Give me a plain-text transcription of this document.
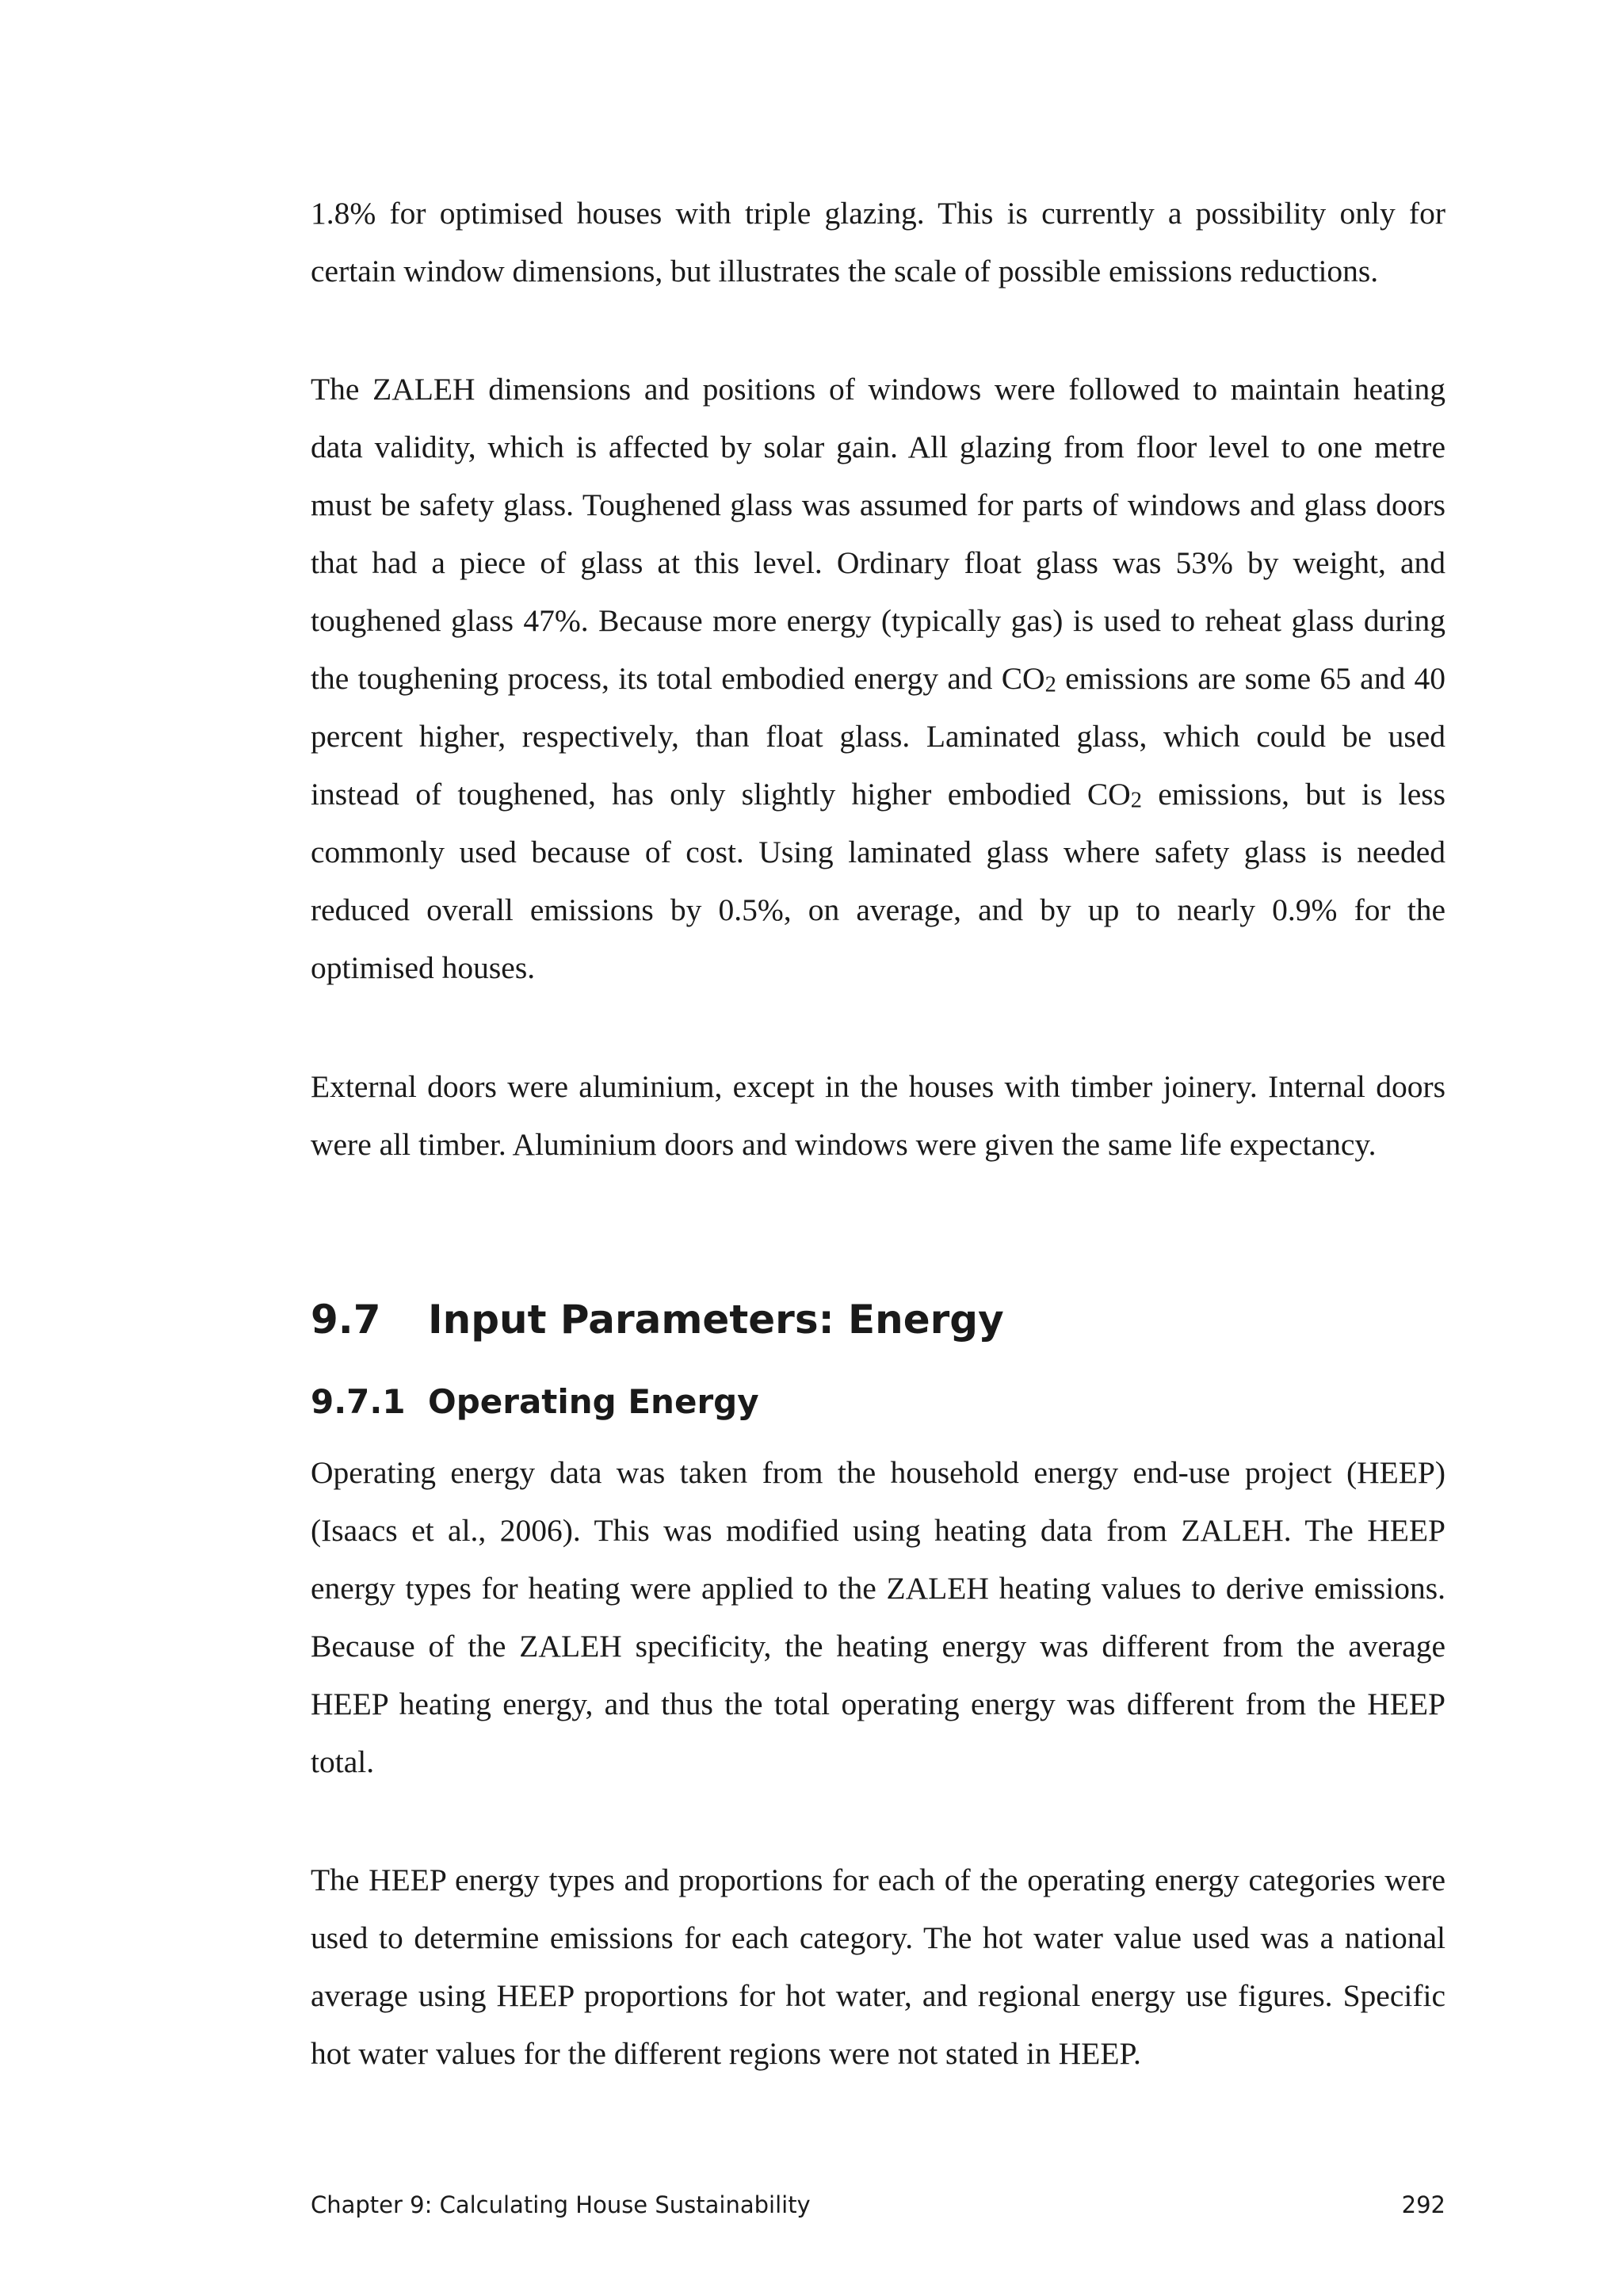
1.8% for optimised houses with triple glazing. This is currently a possibility only for certain window dimensions, but illustrates the scale of possible emissions reductions.

The ZALEH dimensions and positions of windows were followed to maintain heating data validity, which is affected by solar gain. All glazing from floor level to one metre must be safety glass. Toughened glass was assumed for parts of windows and glass doors that had a piece of glass at this level. Ordinary float glass was 53% by weight, and toughened glass 47%. Because more energy (typically gas) is used to reheat glass during the toughening process, its total embodied energy and $CO_2$ emissions are some 65 and 40 percent higher, respectively, than float glass. Laminated glass, which could be used instead of toughened, has only slightly higher embodied $CO_2$ emissions, but is less commonly used because of cost. Using laminated glass where safety glass is needed reduced overall emissions by 0.5%, on average, and by up to nearly 0.9% for the optimised houses.

External doors were aluminium, except in the houses with timber joinery. Internal doors were all timber. Aluminium doors and windows were given the same life expectancy.

9.7 Input Parameters: Energy
9.7.1 Operating Energy

Operating energy data was taken from the household energy end-use project (HEEP) (Isaacs et al., 2006). This was modified using heating data from ZALEH. The HEEP energy types for heating were applied to the ZALEH heating values to derive emissions. Because of the ZALEH specificity, the heating energy was different from the average HEEP heating energy, and thus the total operating energy was different from the HEEP total.

The HEEP energy types and proportions for each of the operating energy categories were used to determine emissions for each category. The hot water value used was a national average using HEEP proportions for hot water, and regional energy use figures. Specific hot water values for the different regions were not stated in HEEP.

Chapter 9: Calculating House Sustainability	292
